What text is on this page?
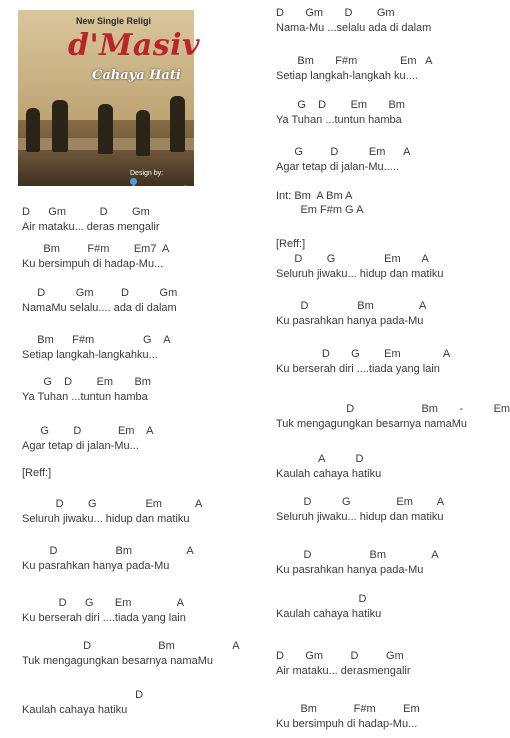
New Single Religi
d'Masiv
Cahaya Hati
Design by:
@mamangsuryadi

D      Gm           D        Gm

Air mataku... deras mengalir

Bm         F#m        Em7  A

Ku bersimpuh di hadap-Mu...

D          Gm         D          Gm

NamaMu selalu.... ada di dalam

Bm      F#m                G    A

Setiap langkah-langkahku...

G    D        Em       Bm

Ya Tuhan ...tuntun hamba

G        D            Em    A

Agar tetap di jalan-Mu...

[Reff:]

D        G                Em           A

Seluruh jiwaku... hidup dan matiku

D                   Bm                  A

Ku pasrahkan hanya pada-Mu

D      G       Em               A

Ku berserah diri ....tiada yang lain

D                      Bm                   A

Tuk mengagungkan besarnya namaMu

D

Kaulah cahaya hatiku

D       Gm       D        Gm

Nama-Mu ...selalu ada di dalam

Bm       F#m              Em   A

Setiap langkah-langkah ku....

G    D        Em       Bm

Ya Tuhan ...tuntun hamba

G         D          Em      A

Agar tetap di jalan-Mu.....

Int: Bm  A Bm A

Em F#m G A

[Reff:]

D        G                Em       A

Seluruh jiwaku... hidup dan matiku

D                Bm               A

Ku pasrahkan hanya pada-Mu

D       G        Em              A

Ku berserah diri ....tiada yang lain

D                      Bm       -          Em

Tuk mengagungkan besarnya namaMu

A          D

Kaulah cahaya hatiku

D          G               Em        A

Seluruh jiwaku... hidup dan matiku

D                   Bm               A

Ku pasrahkan hanya pada-Mu

D

Kaulah cahaya hatiku

D       Gm         D         Gm

Air mataku... derasmengalir

Bm            F#m         Em

Ku bersimpuh di hadap-Mu...
